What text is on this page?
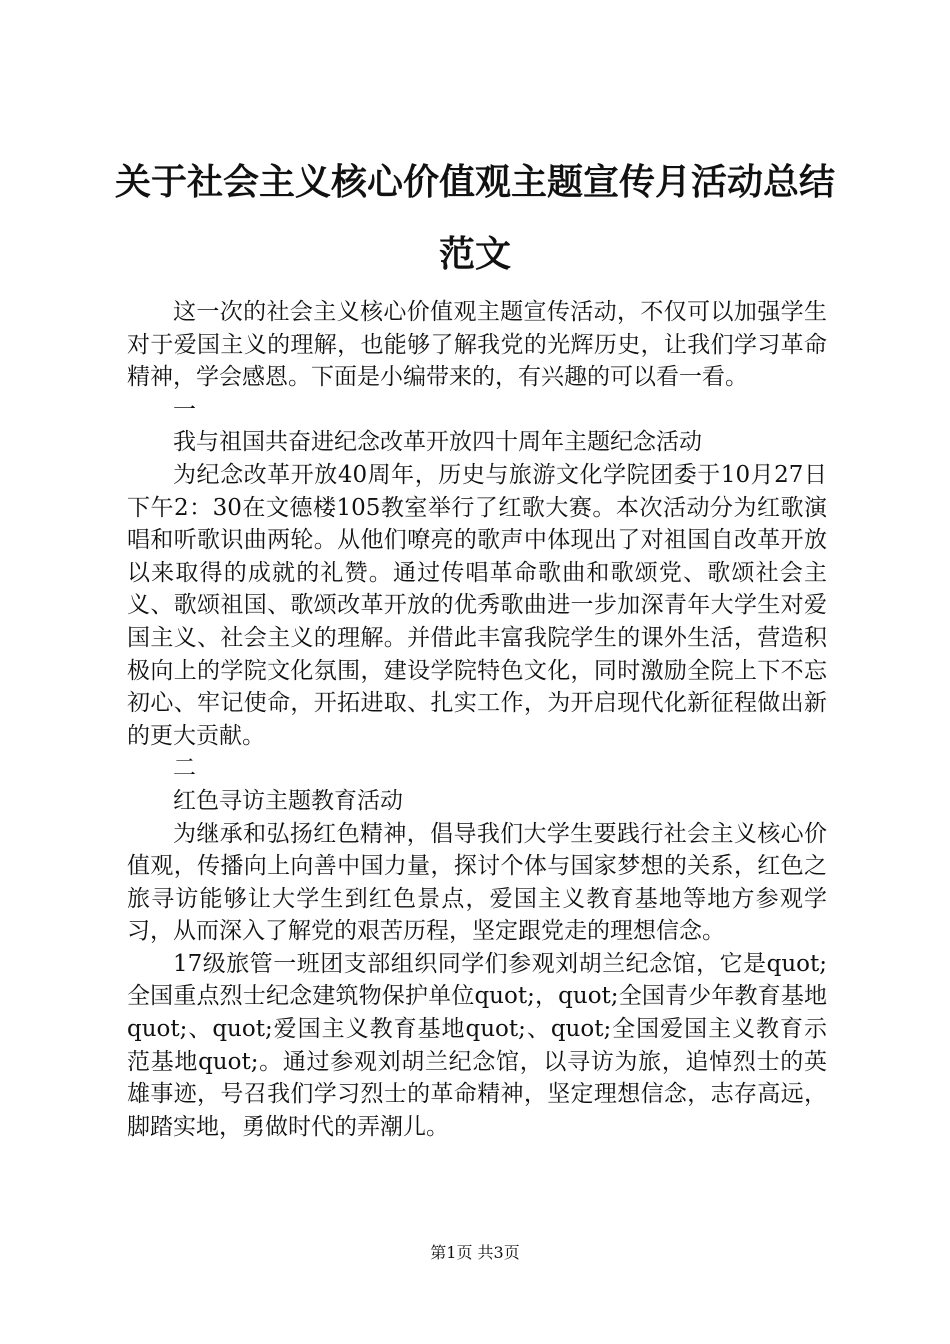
关于社会主义核心价值观主题宣传月活动总结范文

这一次的社会主义核心价值观主题宣传活动，不仅可以加强学生对于爱国主义的理解，也能够了解我党的光辉历史，让我们学习革命精神，学会感恩。下面是小编带来的，有兴趣的可以看一看。

一

我与祖国共奋进纪念改革开放四十周年主题纪念活动

为纪念改革开放40周年，历史与旅游文化学院团委于10月27日下午2：30在文德楼105教室举行了红歌大赛。本次活动分为红歌演唱和听歌识曲两轮。从他们嘹亮的歌声中体现出了对祖国自改革开放以来取得的成就的礼赞。通过传唱革命歌曲和歌颂党、歌颂社会主义、歌颂祖国、歌颂改革开放的优秀歌曲进一步加深青年大学生对爱国主义、社会主义的理解。并借此丰富我院学生的课外生活，营造积极向上的学院文化氛围，建设学院特色文化，同时激励全院上下不忘初心、牢记使命，开拓进取、扎实工作，为开启现代化新征程做出新的更大贡献。

二

红色寻访主题教育活动

为继承和弘扬红色精神，倡导我们大学生要践行社会主义核心价值观，传播向上向善中国力量，探讨个体与国家梦想的关系，红色之旅寻访能够让大学生到红色景点，爱国主义教育基地等地方参观学习，从而深入了解党的艰苦历程，坚定跟党走的理想信念。

17级旅管一班团支部组织同学们参观刘胡兰纪念馆，它是quot;全国重点烈士纪念建筑物保护单位quot;，quot;全国青少年教育基地quot;、quot;爱国主义教育基地quot;、quot;全国爱国主义教育示范基地quot;。通过参观刘胡兰纪念馆，以寻访为旅，追悼烈士的英雄事迹，号召我们学习烈士的革命精神，坚定理想信念，志存高远，脚踏实地，勇做时代的弄潮儿。

第1页 共3页
